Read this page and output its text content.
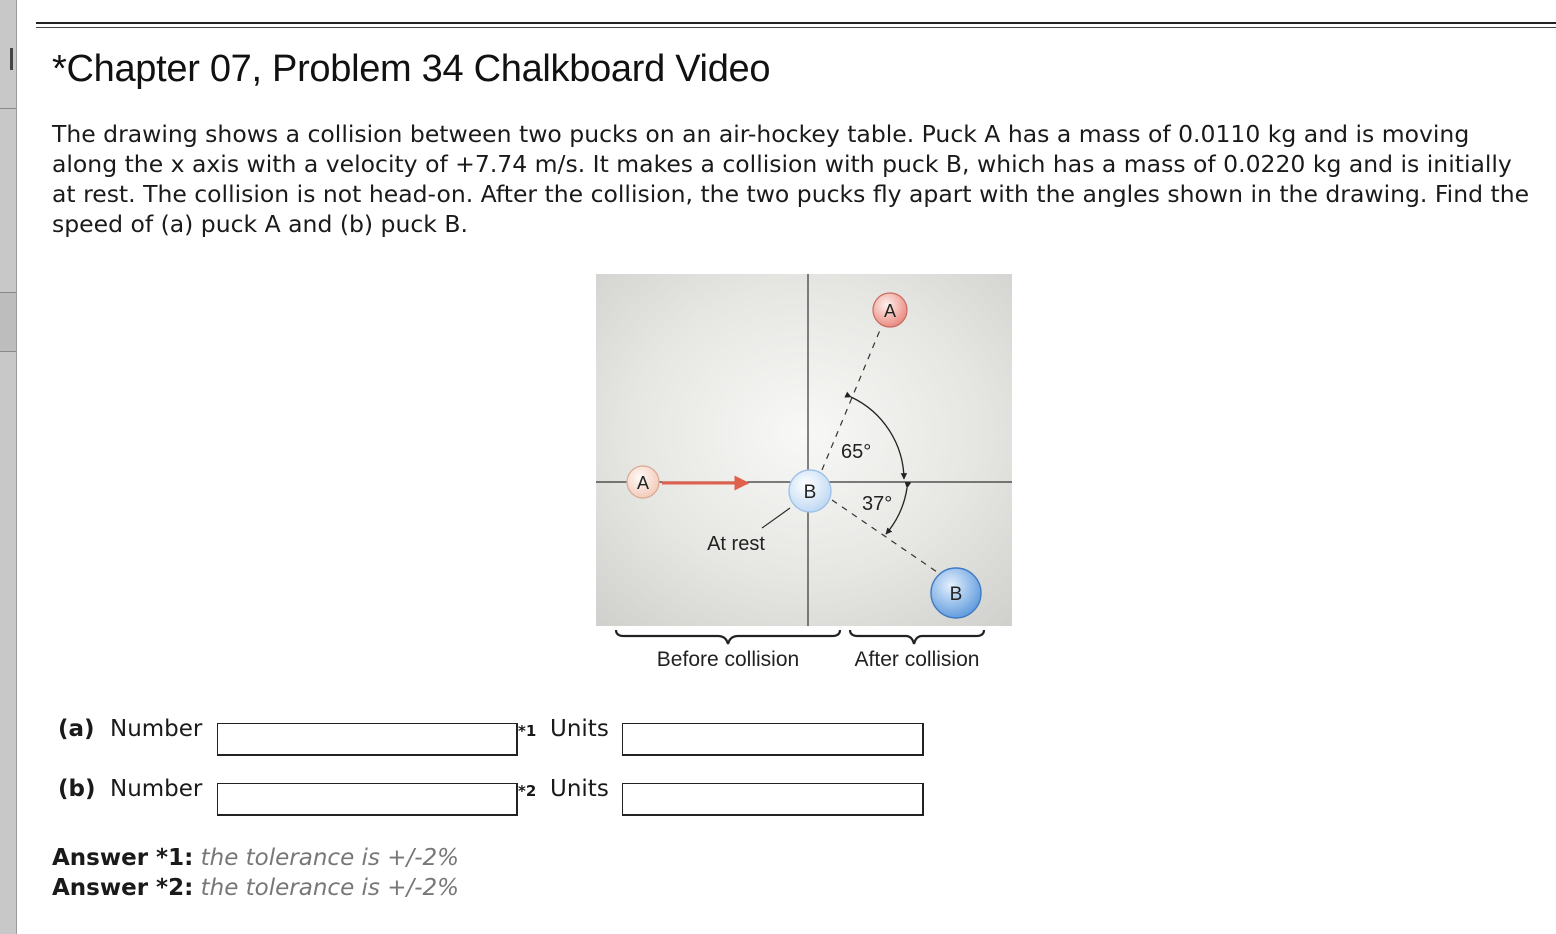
*Chapter 07, Problem 34 Chalkboard Video

The drawing shows a collision between two pucks on an air-hockey table. Puck A has a mass of 0.0110 kg and is moving along the x axis with a velocity of +7.74 m/s. It makes a collision with puck B, which has a mass of 0.0220 kg and is initially at rest. The collision is not head-on. After the collision, the two pucks fly apart with the angles shown in the drawing. Find the speed of (a) puck A and (b) puck B.

A	B
65°
37°
A
B
At rest
Before collision	After collision
(a) Number	*1 Units
(b) Number	*2 Units
Answer *1: the tolerance is +/-2%
Answer *2: the tolerance is +/-2%
